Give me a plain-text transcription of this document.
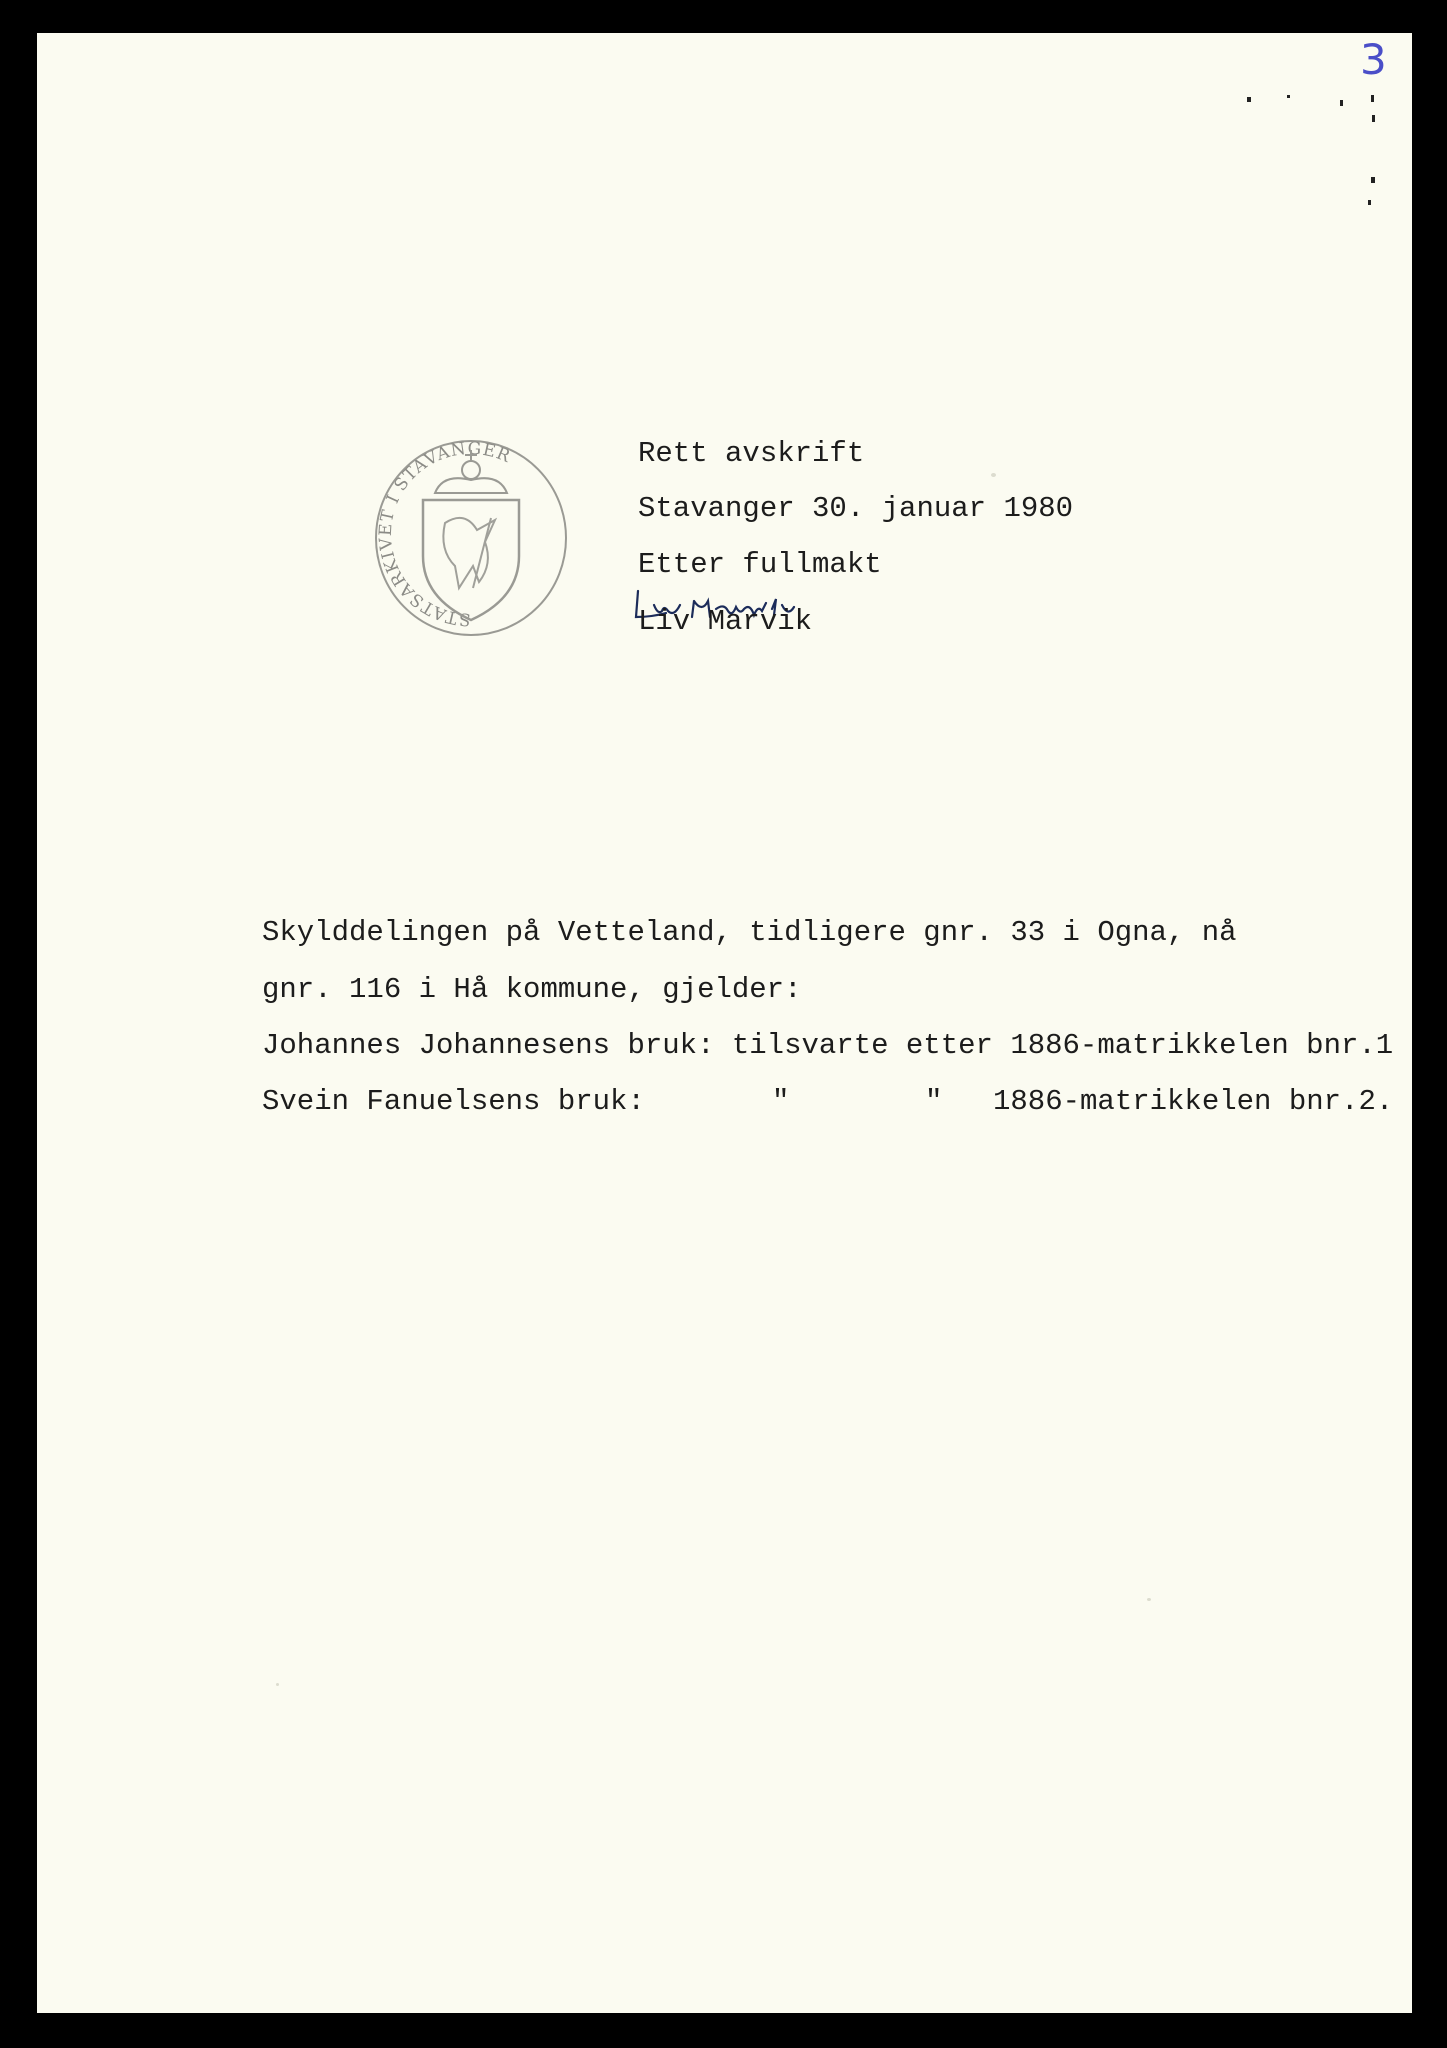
3
STATSARKIVET I STAVANGER	Rett avskrift
Stavanger 30. januar 1980
Etter fullmakt
Liv Marvik
Skylddelingen på Vetteland, tidligere gnr. 33 i Ogna, nå
gnr. 116 i Hå kommune, gjelder:
Johannes Johannesens bruk: tilsvarte etter 1886-matrikkelen bnr.1
Svein Fanuelsens bruk:	"	" 1886-matrikkelen bnr.2.
